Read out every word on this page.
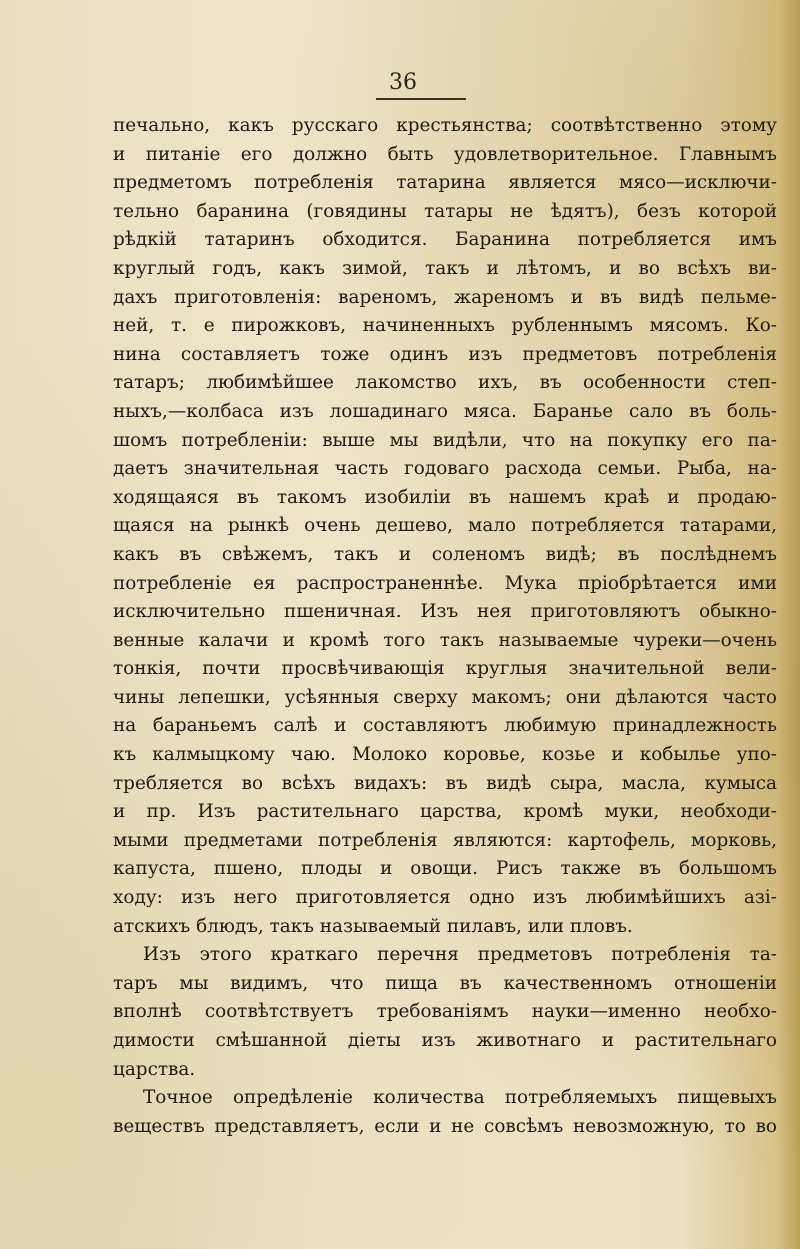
36
печально, какъ русскаго крестьянства; соотвѣтственно этому
и питаніе его должно быть удовлетворительное. Главнымъ
предметомъ потребленія татарина является мясо—исключи-
тельно баранина (говядины татары не ѣдятъ), безъ которой
рѣдкій татаринъ обходится. Баранина потребляется имъ
круглый годъ, какъ зимой, такъ и лѣтомъ, и во всѣхъ ви-
дахъ приготовленія: вареномъ, жареномъ и въ видѣ пельме-
ней, т. е пирожковъ, начиненныхъ рубленнымъ мясомъ. Ко-
нина составляетъ тоже одинъ изъ предметовъ потребленія
татаръ; любимѣйшее лакомство ихъ, въ особенности степ-
ныхъ,—колбаса изъ лошадинаго мяса. Баранье сало въ боль-
шомъ потребленіи: выше мы видѣли, что на покупку его па-
даетъ значительная часть годоваго расхода семьи. Рыба, на-
ходящаяся въ такомъ изобиліи въ нашемъ краѣ и продаю-
щаяся на рынкѣ очень дешево, мало потребляется татарами,
какъ въ свѣжемъ, такъ и соленомъ видѣ; въ послѣднемъ
потребленіе ея распространеннѣе. Мука пріобрѣтается ими
исключительно пшеничная. Изъ нея приготовляютъ обыкно-
венные калачи и кромѣ того такъ называемые чуреки—очень
тонкія, почти просвѣчивающія круглыя значительной вели-
чины лепешки, усѣянныя сверху макомъ; они дѣлаются часто
на бараньемъ салѣ и составляютъ любимую принадлежность
къ калмыцкому чаю. Молоко коровье, козье и кобылье упо-
требляется во всѣхъ видахъ: въ видѣ сыра, масла, кумыса
и пр. Изъ растительнаго царства, кромѣ муки, необходи-
мыми предметами потребленія являются: картофель, морковь,
капуста, пшено, плоды и овощи. Рисъ также въ большомъ
ходу: изъ него приготовляется одно изъ любимѣйшихъ азі-
атскихъ блюдъ, такъ называемый пилавъ, или пловъ.
Изъ этого краткаго перечня предметовъ потребленія та-
таръ мы видимъ, что пища въ качественномъ отношеніи
вполнѣ соотвѣтствуетъ требованіямъ науки—именно необхо-
димости смѣшанной діеты изъ животнаго и растительнаго
царства.
Точное опредѣленіе количества потребляемыхъ пищевыхъ
веществъ представляетъ, если и не совсѣмъ невозможную, то во
